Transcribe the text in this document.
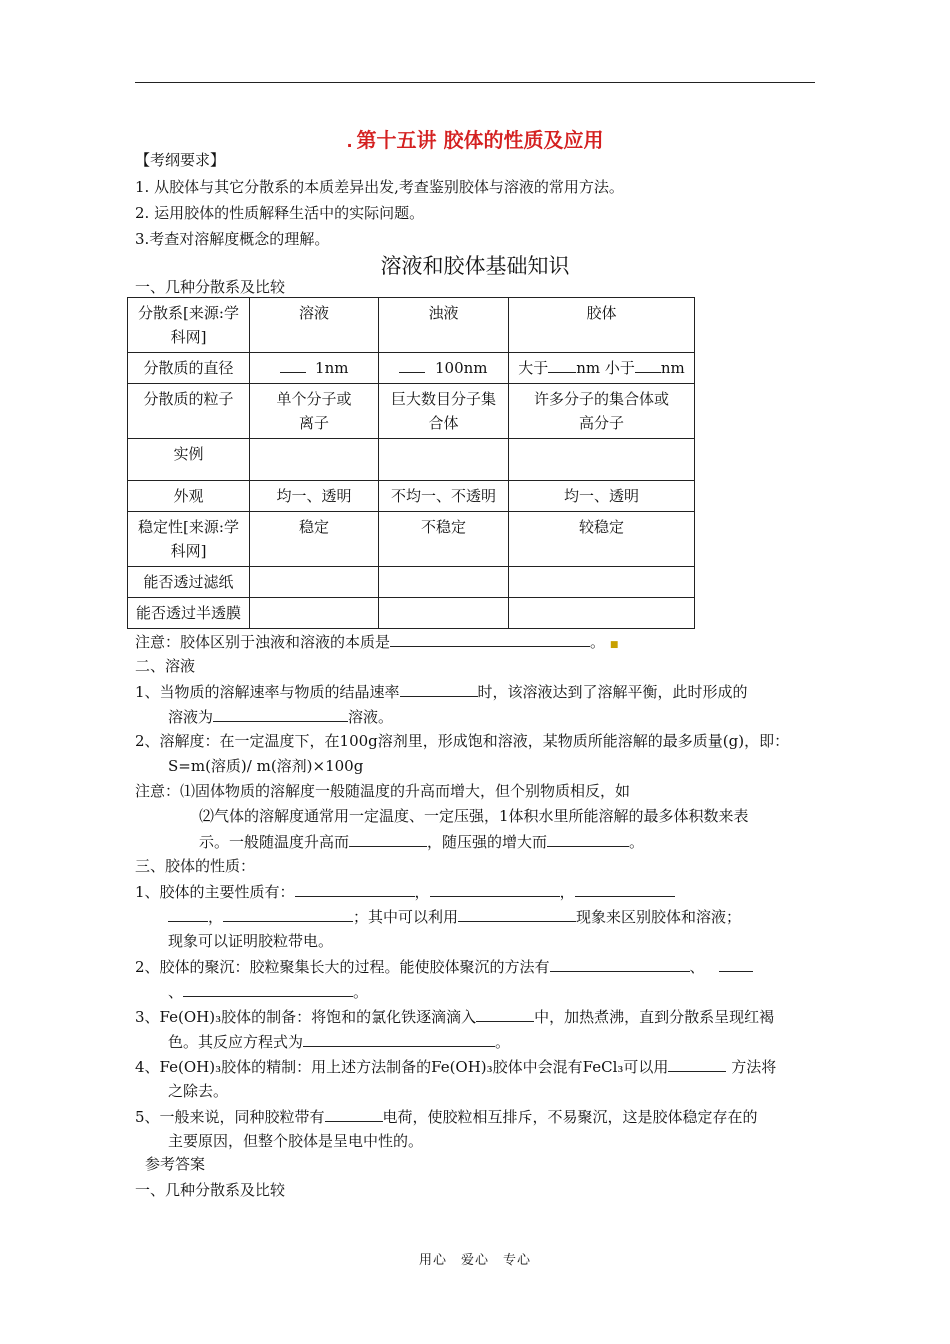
. 第十五讲 胶体的性质及应用
【考纲要求】
1. 从胶体与其它分散系的本质差异出发,考查鉴别胶体与溶液的常用方法。
2. 运用胶体的性质解释生活中的实际问题。
3.考查对溶解度概念的理解。
溶液和胶体基础知识
一、几种分散系及比较
分散系[来源:学科网]	溶液	浊液	胶体
分散质的直径	1nm	100nm	大于 nm 小于 nm
分散质的粒子	单个分子或离子	巨大数目分子集合体	许多分子的集合体或高分子
实例			
外观	均一、透明	不均一、不透明	均一、透明
稳定性[来源:学科网]	稳定	不稳定	较稳定
能否透过滤纸			
能否透过半透膜			
注意：胶体区别于浊液和溶液的本质是	。 ■
二、溶液
1、当物质的溶解速率与物质的结晶速率	时，该溶液达到了溶解平衡，此时形成的
溶液为	溶液。
2、溶解度：在一定温度下，在100g溶剂里，形成饱和溶液，某物质所能溶解的最多质量(g)，即：
S=m(溶质)/ m(溶剂)×100g
注意：⑴固体物质的溶解度一般随温度的升高而增大，但个别物质相反，如
⑵气体的溶解度通常用一定温度、一定压强，1体积水里所能溶解的最多体积数来表
示。一般随温度升高而	，随压强的增大而	。
三、胶体的性质：
1、胶体的主要性质有：	，	，
，	；其中可以利用	现象来区别胶体和溶液；
现象可以证明胶粒带电。
2、胶体的聚沉：胶粒聚集长大的过程。能使胶体聚沉的方法有	、
、	。
3、Fe(OH)₃胶体的制备：将饱和的氯化铁逐滴滴入	中，加热煮沸，直到分散系呈现红褐
色。其反应方程式为	。
4、Fe(OH)₃胶体的精制：用上述方法制备的Fe(OH)₃胶体中会混有FeCl₃可以用	方法将
之除去。
5、一般来说，同种胶粒带有	电荷，使胶粒相互排斥，不易聚沉，这是胶体稳定存在的
主要原因，但整个胶体是呈电中性的。
参考答案
一、几种分散系及比较
用心 爱心 专心
